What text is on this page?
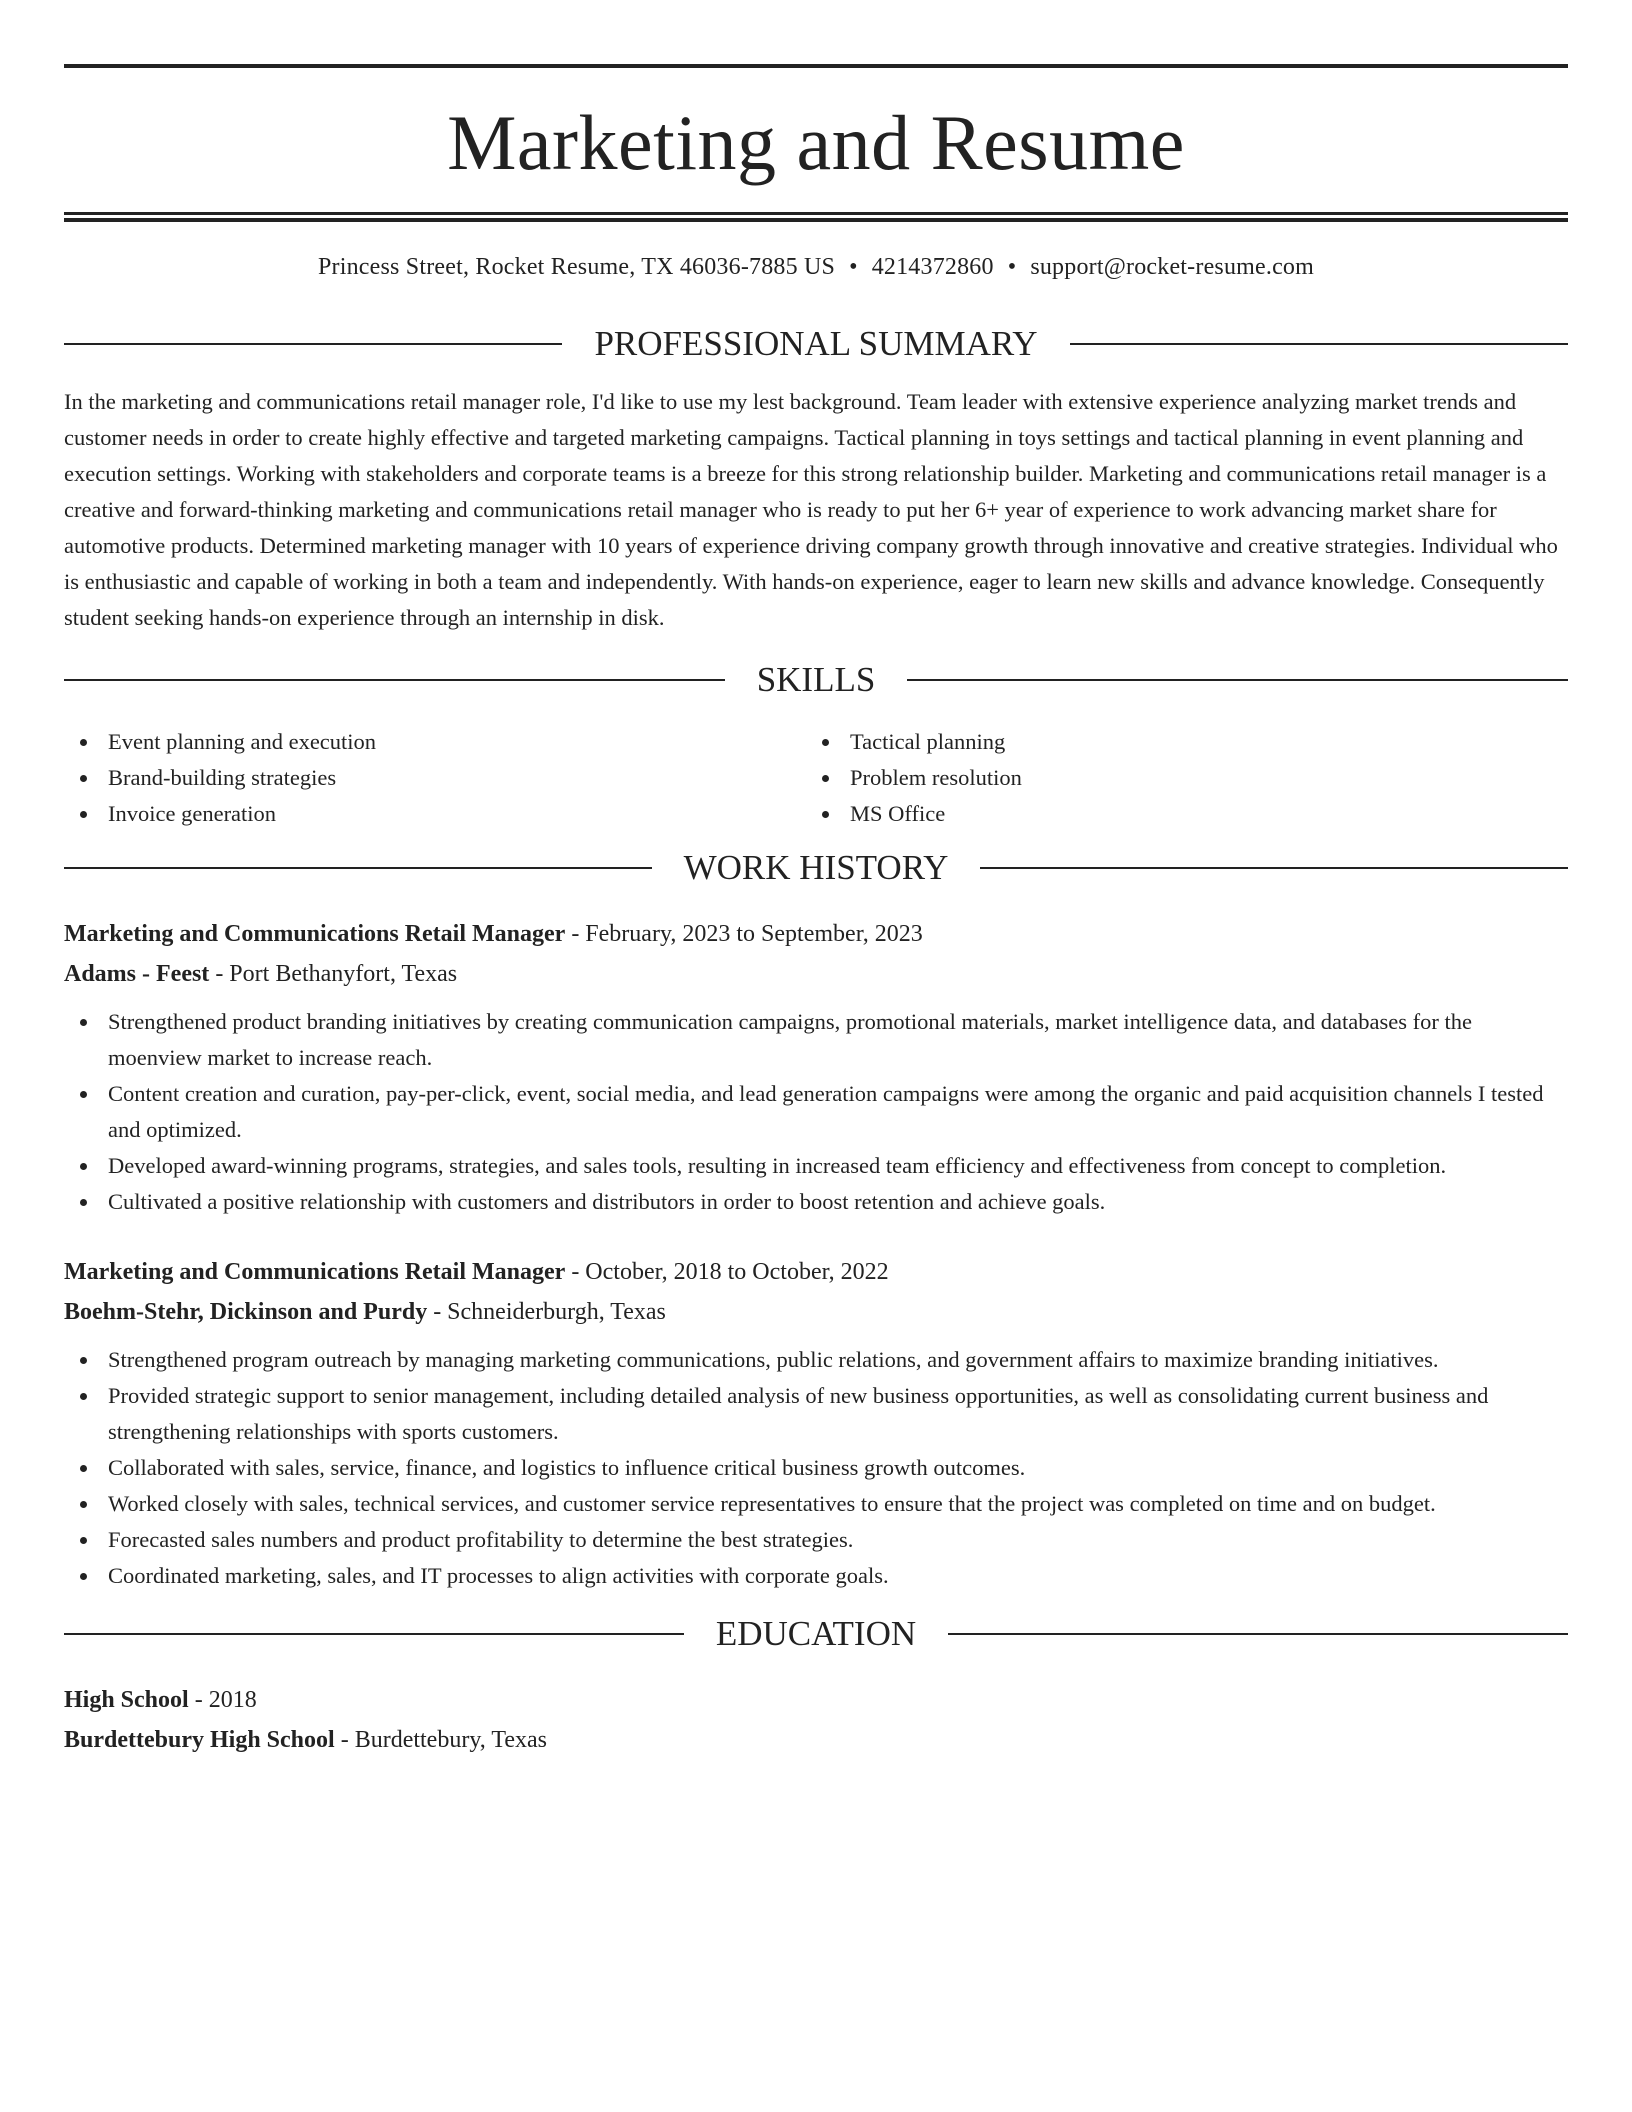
Marketing and Resume
Princess Street, Rocket Resume, TX 46036-7885 US • 4214372860 • support@rocket-resume.com
PROFESSIONAL SUMMARY

In the marketing and communications retail manager role, I'd like to use my lest background. Team leader with extensive experience analyzing market trends and customer needs in order to create highly effective and targeted marketing campaigns. Tactical planning in toys settings and tactical planning in event planning and execution settings. Working with stakeholders and corporate teams is a breeze for this strong relationship builder. Marketing and communications retail manager is a creative and forward-thinking marketing and communications retail manager who is ready to put her 6+ year of experience to work advancing market share for automotive products. Determined marketing manager with 10 years of experience driving company growth through innovative and creative strategies. Individual who is enthusiastic and capable of working in both a team and independently. With hands-on experience, eager to learn new skills and advance knowledge. Consequently student seeking hands-on experience through an internship in disk.

SKILLS
Event planning and execution
Brand-building strategies
Invoice generation
Tactical planning
Problem resolution
MS Office
WORK HISTORY
Marketing and Communications Retail Manager - February, 2023 to September, 2023
Adams - Feest - Port Bethanyfort, Texas
Strengthened product branding initiatives by creating communication campaigns, promotional materials, market intelligence data, and databases for the moenview market to increase reach.
Content creation and curation, pay-per-click, event, social media, and lead generation campaigns were among the organic and paid acquisition channels I tested and optimized.
Developed award-winning programs, strategies, and sales tools, resulting in increased team efficiency and effectiveness from concept to completion.
Cultivated a positive relationship with customers and distributors in order to boost retention and achieve goals.
Marketing and Communications Retail Manager - October, 2018 to October, 2022
Boehm-Stehr, Dickinson and Purdy - Schneiderburgh, Texas
Strengthened program outreach by managing marketing communications, public relations, and government affairs to maximize branding initiatives.
Provided strategic support to senior management, including detailed analysis of new business opportunities, as well as consolidating current business and strengthening relationships with sports customers.
Collaborated with sales, service, finance, and logistics to influence critical business growth outcomes.
Worked closely with sales, technical services, and customer service representatives to ensure that the project was completed on time and on budget.
Forecasted sales numbers and product profitability to determine the best strategies.
Coordinated marketing, sales, and IT processes to align activities with corporate goals.
EDUCATION
High School - 2018
Burdettebury High School - Burdettebury, Texas
